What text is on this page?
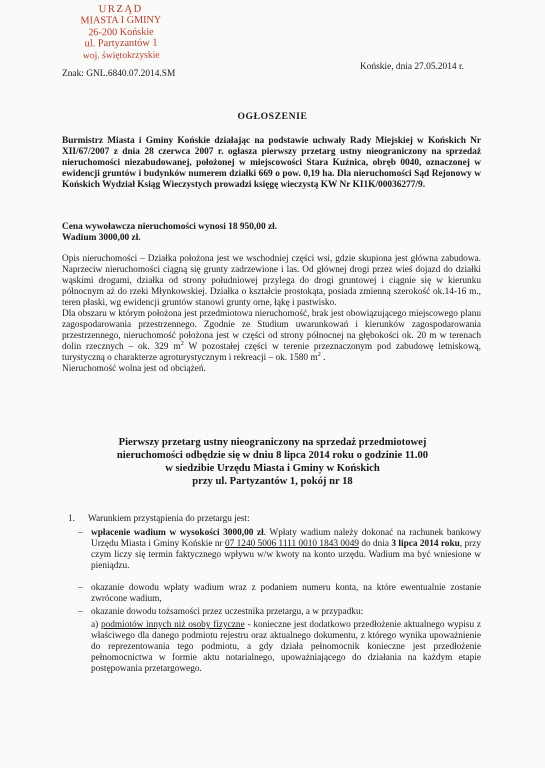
URZĄD
MIASTA I GMINY
26-200 Końskie
ul. Partyzantów 1
woj. świętokrzyskie
Końskie, dnia 27.05.2014 r.
Znak: GNL.6840.07.2014.SM
OGŁOSZENIE
Burmistrz Miasta i Gminy Końskie działając na podstawie uchwały Rady Miejskiej w Końskich Nr XII/67/2007 z dnia 28 czerwca 2007 r. ogłasza pierwszy przetarg ustny nieograniczony na sprzedaż nieruchomości niezabudowanej, położonej w miejscowości Stara Kuźnica, obręb 0040, oznaczonej w ewidencji gruntów i budynków numerem działki 669 o pow. 0,19 ha. Dla nieruchomości Sąd Rejonowy w Końskich Wydział Ksiąg Wieczystych prowadzi księgę wieczystą KW Nr KI1K/00036277/9.
Cena wywoławcza nieruchomości wynosi 18 950,00 zł.
Wadium 3000,00 zł.

Opis nieruchomości – Działka położona jest we wschodniej części wsi, gdzie skupiona jest główna zabudowa. Naprzeciw nieruchomości ciągną się grunty zadrzewione i las. Od głównej drogi przez wieś dojazd do działki wąskimi drogami, działka od strony południowej przylega do drogi gruntowej i ciągnie się w kierunku północnym aż do rzeki Młynkowskiej. Działka o kształcie prostokąta, posiada zmienną szerokość ok.14-16 m., teren płaski, wg ewidencji gruntów stanowi grunty orne, łąkę i pastwisko.

Dla obszaru w którym położona jest przedmiotowa nieruchomość, brak jest obowiązującego miejscowego planu zagospodarowania przestrzennego. Zgodnie ze Studium uwarunkowań i kierunków zagospodarowania przestrzennego, nieruchomość położona jest w części od strony północnej na głębokości ok. 20 m w terenach dolin rzecznych – ok. 329 $m^2$ W pozostałej części w terenie przeznaczonym pod zabudowę letniskową, turystyczną o charakterze agroturystycznym i rekreacji – ok. 1580 $m^2$ .

Nieruchomość wolna jest od obciążeń.

Pierwszy przetarg ustny nieograniczony na sprzedaż przedmiotowej
nieruchomości odbędzie się w dniu 8 lipca 2014 roku o godzinie 11.00
w siedzibie Urzędu Miasta i Gminy w Końskich
przy ul. Partyzantów 1, pokój nr 18
1. Warunkiem przystąpienia do przetargu jest:
– wpłacenie wadium w wysokości 3000,00 zł. Wpłaty wadium należy dokonać na rachunek bankowy Urzędu Miasta i Gminy Końskie nr 07 1240 5006 1111 0010 1843 0049 do dnia 3 lipca 2014 roku, przy czym liczy się termin faktycznego wpływu w/w kwoty na konto urzędu. Wadium ma być wniesione w pieniądzu.
– okazanie dowodu wpłaty wadium wraz z podaniem numeru konta, na które ewentualnie zostanie zwrócone wadium,
– okazanie dowodu tożsamości przez uczestnika przetargu, a w przypadku:
a) podmiotów innych niż osoby fizyczne - konieczne jest dodatkowo przedłożenie aktualnego wypisu z właściwego dla danego podmiotu rejestru oraz aktualnego dokumentu, z którego wynika upoważnienie do reprezentowania tego podmiotu, a gdy działa pełnomocnik konieczne jest przedłożenie pełnomocnictwa w formie aktu notarialnego, upoważniającego do działania na każdym etapie postępowania przetargowego.
